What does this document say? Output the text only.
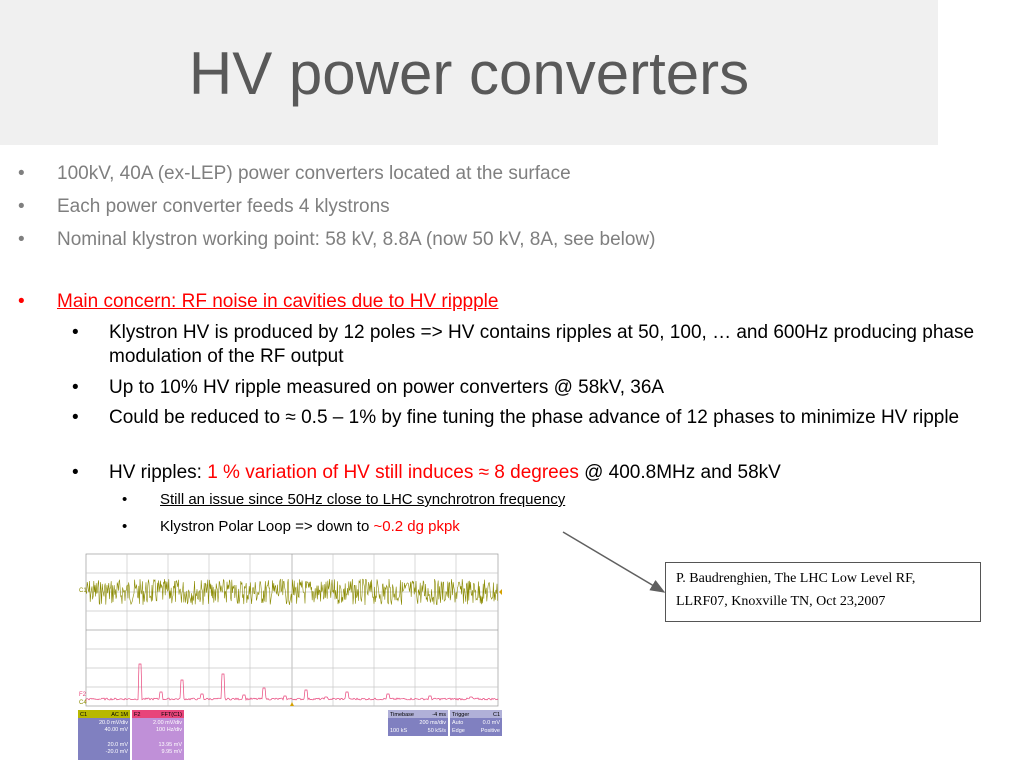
HV power converters
• 100kV, 40A (ex-LEP) power converters located at the surface
• Each power converter feeds 4 klystrons
• Nominal klystron working point: 58 kV, 8.8A (now 50 kV, 8A, see below)
• Main concern: RF noise in cavities due to HV rippple
• Klystron HV is produced by 12 poles => HV contains ripples at 50, 100, … and 600Hz producing phase modulation of the RF output
• Up to 10% HV ripple measured on power converters @ 58kV, 36A
• Could be reduced to ≈ 0.5 – 1% by fine tuning the phase advance of 12 phases to minimize HV ripple
• HV ripples: 1 % variation of HV still induces ≈ 8 degrees @ 400.8MHz and 58kV
• Still an issue since 50Hz close to LHC synchrotron frequency
• Klystron Polar Loop => down to ~0.2 dg pkpk
P. Baudrenghien, The LHC Low Level RF,
LLRF07, Knoxville TN, Oct 23,2007
C1
F2
C4
C1	AC 1M
20.0 mV/div
40.00 mV
20.0 mV
-20.0 mV
F2	FFT(C1)
2.00 mV/div
100 Hz/div
13.95 mV
9.95 mV
Timebase	-4 ms
200 ms/div
100 kS	50 kS/s
Trigger	C1
Auto	0.0 mV
Edge	Positive
